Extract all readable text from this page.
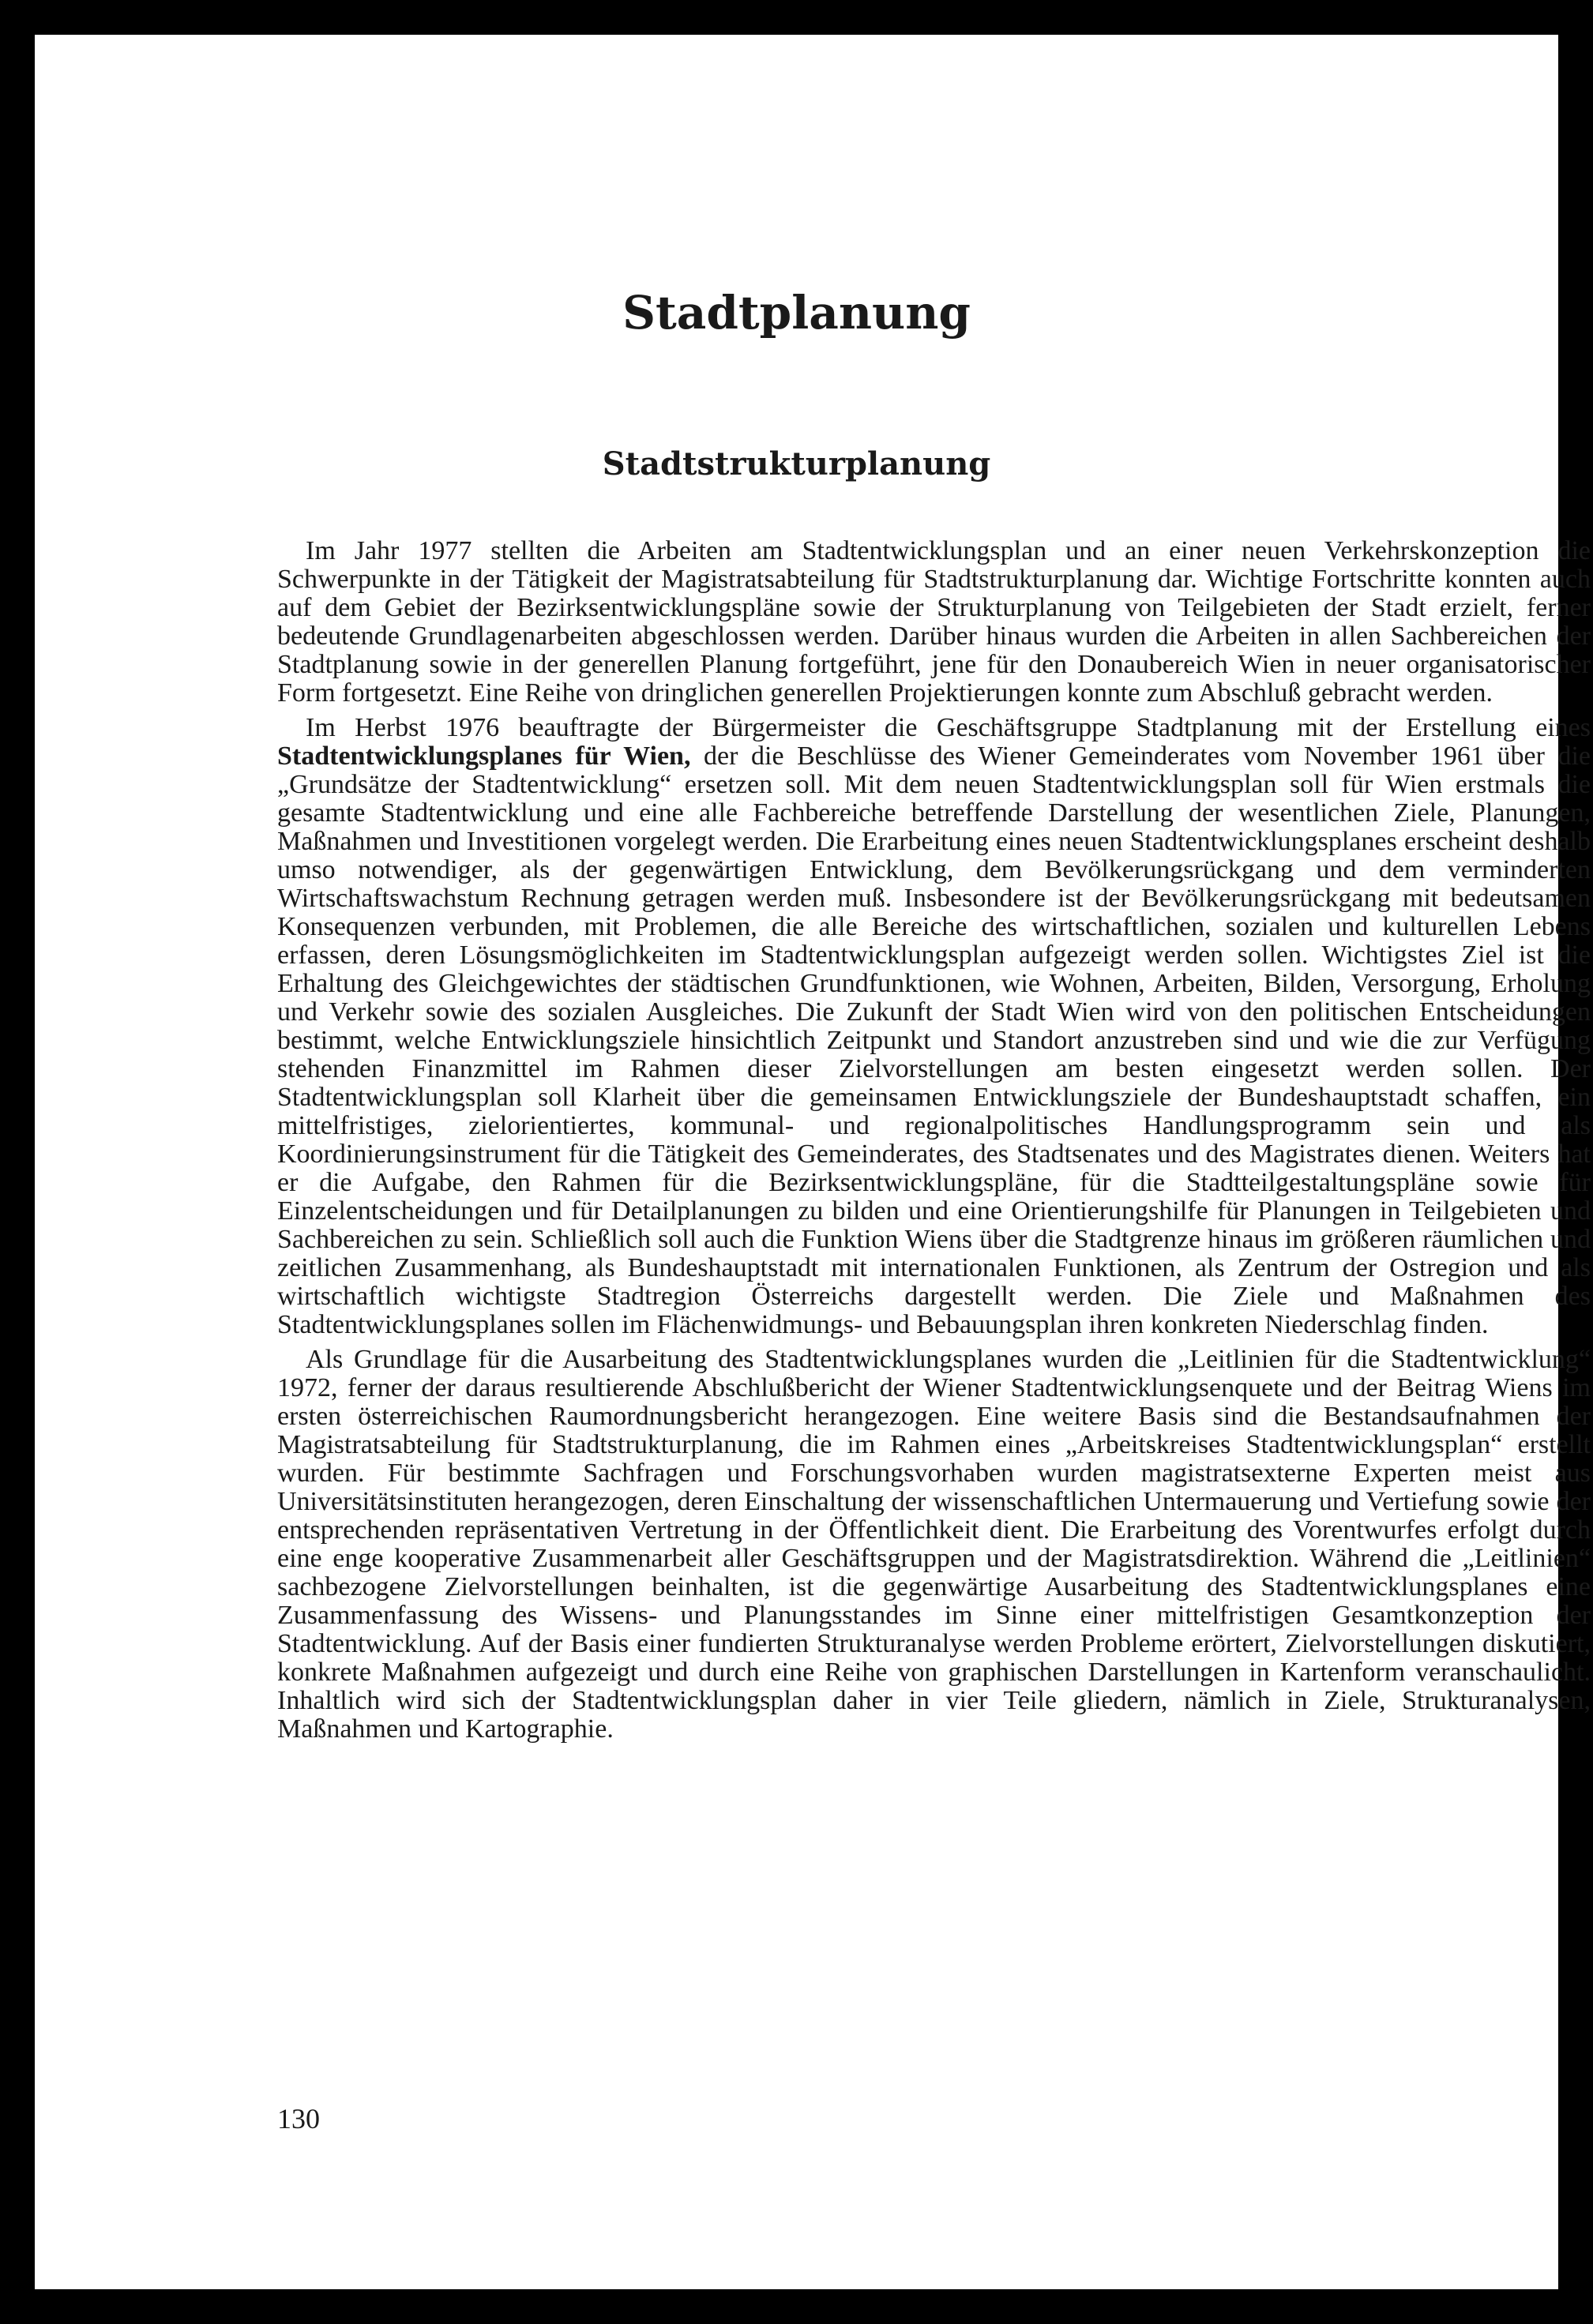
Stadtplanung
Stadtstrukturplanung

Im Jahr 1977 stellten die Arbeiten am Stadtentwicklungsplan und an einer neuen Verkehrskonzeption die Schwerpunkte in der Tätigkeit der Magistratsabteilung für Stadtstrukturplanung dar. Wichtige Fortschritte konnten auch auf dem Gebiet der Bezirksentwicklungspläne sowie der Strukturplanung von Teilgebieten der Stadt erzielt, ferner bedeutende Grundlagenarbeiten abgeschlossen werden. Darüber hinaus wurden die Arbeiten in allen Sachbereichen der Stadtplanung sowie in der generellen Planung fortgeführt, jene für den Donaubereich Wien in neuer organisatorischer Form fortgesetzt. Eine Reihe von dringlichen generellen Projektierungen konnte zum Abschluß gebracht werden.

Im Herbst 1976 beauftragte der Bürgermeister die Geschäftsgruppe Stadtplanung mit der Erstellung eines Stadtentwicklungsplanes für Wien, der die Beschlüsse des Wiener Gemeinderates vom November 1961 über die „Grundsätze der Stadtentwicklung“ ersetzen soll. Mit dem neuen Stadtentwicklungsplan soll für Wien erstmals die gesamte Stadtentwicklung und eine alle Fachbereiche betreffende Darstellung der wesentlichen Ziele, Planungen, Maßnahmen und Investitionen vorgelegt werden. Die Erarbeitung eines neuen Stadtentwicklungsplanes erscheint deshalb umso notwendiger, als der gegenwärtigen Entwicklung, dem Bevölkerungsrückgang und dem verminderten Wirtschaftswachstum Rechnung getragen werden muß. Insbesondere ist der Bevölkerungsrückgang mit bedeutsamen Konsequenzen verbunden, mit Problemen, die alle Bereiche des wirtschaftlichen, sozialen und kulturellen Lebens erfassen, deren Lösungsmöglichkeiten im Stadtentwicklungsplan aufgezeigt werden sollen. Wichtigstes Ziel ist die Erhaltung des Gleichgewichtes der städtischen Grundfunktionen, wie Wohnen, Arbeiten, Bilden, Versorgung, Erholung und Verkehr sowie des sozialen Ausgleiches. Die Zukunft der Stadt Wien wird von den politischen Entscheidungen bestimmt, welche Entwicklungsziele hinsichtlich Zeitpunkt und Standort anzustreben sind und wie die zur Verfügung stehenden Finanzmittel im Rahmen dieser Zielvorstellungen am besten eingesetzt werden sollen. Der Stadtentwicklungsplan soll Klarheit über die gemeinsamen Entwicklungsziele der Bundeshauptstadt schaffen, ein mittelfristiges, zielorientiertes, kommunal- und regionalpolitisches Handlungsprogramm sein und als Koordinierungsinstrument für die Tätigkeit des Gemeinderates, des Stadtsenates und des Magistrates dienen. Weiters hat er die Aufgabe, den Rahmen für die Bezirksentwicklungspläne, für die Stadtteilgestaltungspläne sowie für Einzelentscheidungen und für Detailplanungen zu bilden und eine Orientierungshilfe für Planungen in Teilgebieten und Sachbereichen zu sein. Schließlich soll auch die Funktion Wiens über die Stadtgrenze hinaus im größeren räumlichen und zeitlichen Zusammenhang, als Bundeshauptstadt mit internationalen Funktionen, als Zentrum der Ostregion und als wirtschaftlich wichtigste Stadtregion Österreichs dargestellt werden. Die Ziele und Maßnahmen des Stadtentwicklungsplanes sollen im Flächenwidmungs- und Bebauungsplan ihren konkreten Niederschlag finden.

Als Grundlage für die Ausarbeitung des Stadtentwicklungsplanes wurden die „Leitlinien für die Stadtentwicklung“ 1972, ferner der daraus resultierende Abschlußbericht der Wiener Stadtentwicklungsenquete und der Beitrag Wiens im ersten österreichischen Raumordnungsbericht herangezogen. Eine weitere Basis sind die Bestandsaufnahmen der Magistratsabteilung für Stadtstrukturplanung, die im Rahmen eines „Arbeitskreises Stadtentwicklungsplan“ erstellt wurden. Für bestimmte Sachfragen und Forschungsvorhaben wurden magistratsexterne Experten meist aus Universitätsinstituten herangezogen, deren Einschaltung der wissenschaftlichen Untermauerung und Vertiefung sowie der entsprechenden repräsentativen Vertretung in der Öffentlichkeit dient. Die Erarbeitung des Vorentwurfes erfolgt durch eine enge kooperative Zusammenarbeit aller Geschäftsgruppen und der Magistratsdirektion. Während die „Leitlinien“ sachbezogene Zielvorstellungen beinhalten, ist die gegenwärtige Ausarbeitung des Stadtentwicklungsplanes eine Zusammenfassung des Wissens- und Planungsstandes im Sinne einer mittelfristigen Gesamtkonzeption der Stadtentwicklung. Auf der Basis einer fundierten Strukturanalyse werden Probleme erörtert, Zielvorstellungen diskutiert, konkrete Maßnahmen aufgezeigt und durch eine Reihe von graphischen Darstellungen in Kartenform veranschaulicht. Inhaltlich wird sich der Stadtentwicklungsplan daher in vier Teile gliedern, nämlich in Ziele, Strukturanalysen, Maßnahmen und Kartographie.

130
